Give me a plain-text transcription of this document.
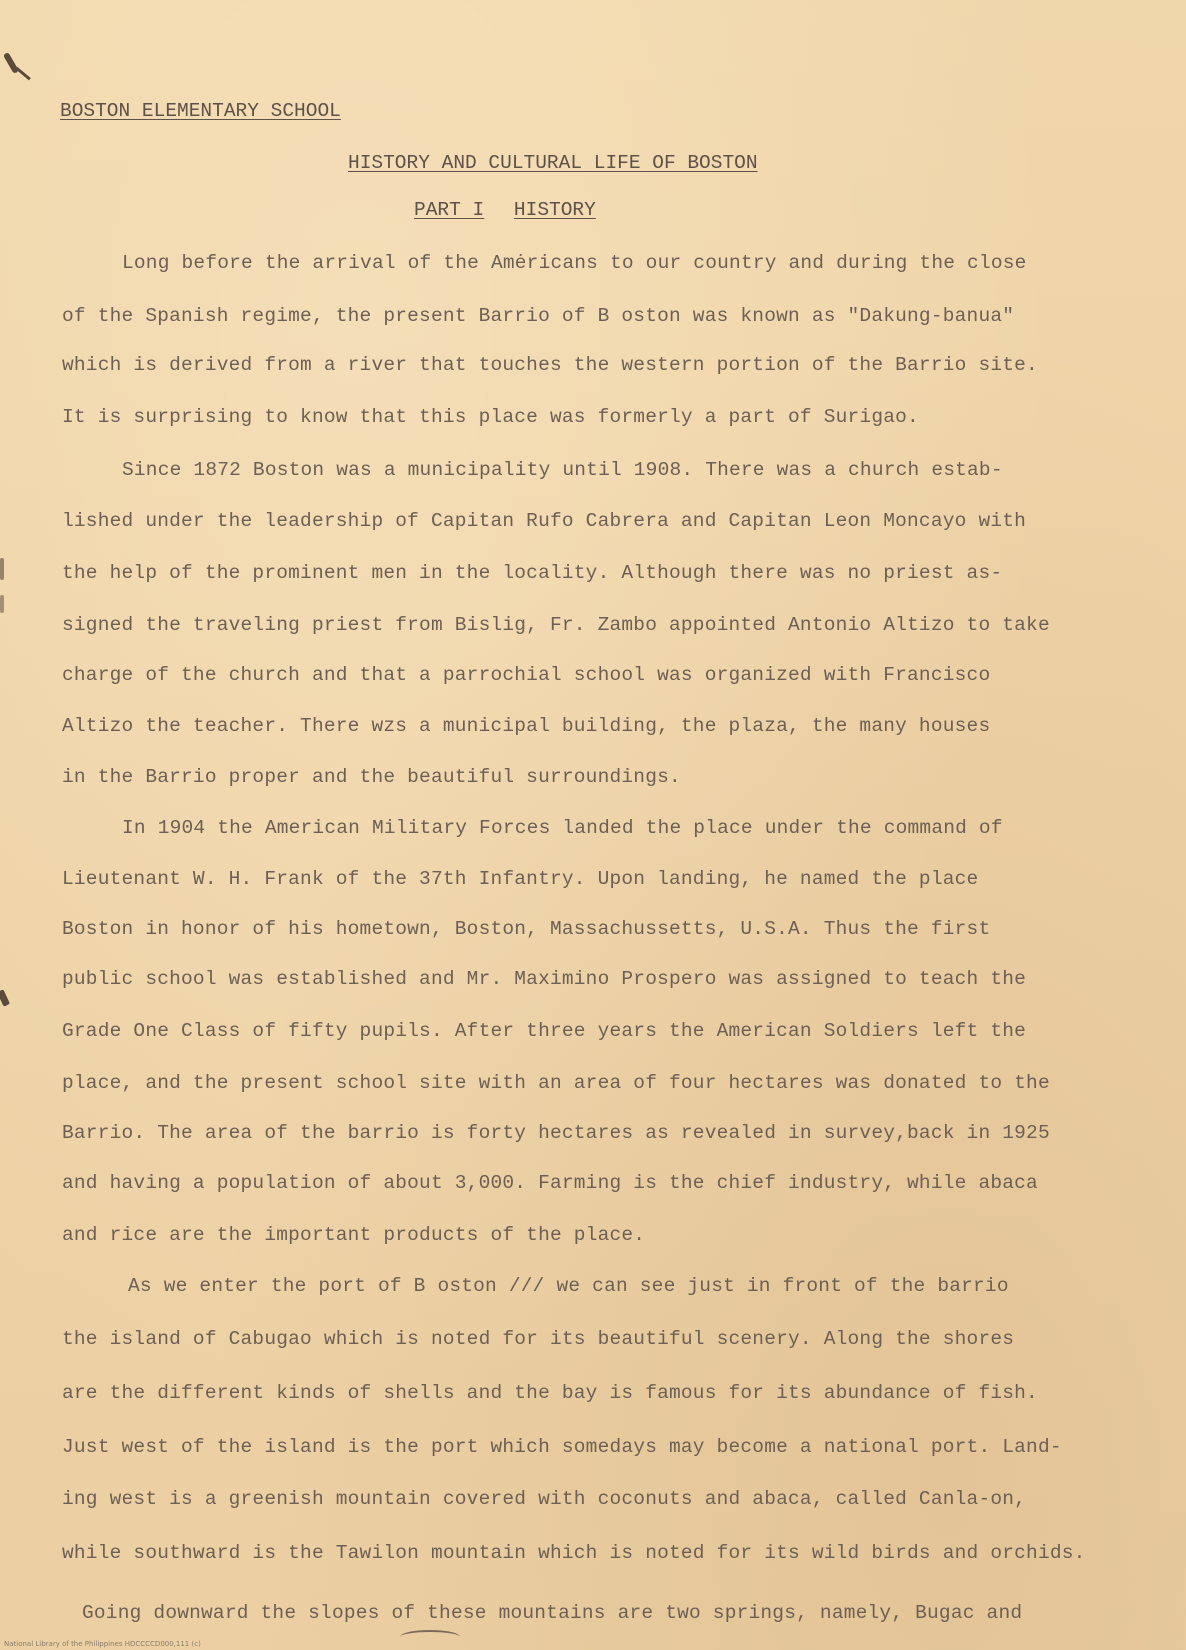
BOSTON ELEMENTARY SCHOOL
HISTORY AND CULTURAL LIFE OF BOSTON
PART I HISTORY
Long before the arrival of the Amėricans to our country and during the close
of the Spanish regime, the present Barrio of B oston was known as "Dakung-banua"
which is derived from a river that touches the western portion of the Barrio site.
It is surprising to know that this place was formerly a part of Surigao.
Since 1872 Boston was a municipality until 1908. There was a church estab-
lished under the leadership of Capitan Rufo Cabrera and Capitan Leon Moncayo with
the help of the prominent men in the locality. Although there was no priest as-
signed the traveling priest from Bislig, Fr. Zambo appointed Antonio Altizo to take
charge of the church and that a parrochial school was organized with Francisco
Altizo the teacher. There wzs a municipal building, the plaza, the many houses
in the Barrio proper and the beautiful surroundings.
In 1904 the American Military Forces landed the place under the command of
Lieutenant W. H. Frank of the 37th Infantry. Upon landing, he named the place
Boston in honor of his hometown, Boston, Massachussetts, U.S.A. Thus the first
public school was established and Mr. Maximino Prospero was assigned to teach the
Grade One Class of fifty pupils. After three years the American Soldiers left the
place, and the present school site with an area of four hectares was donated to the
Barrio. The area of the barrio is forty hectares as revealed in survey,back in 1925
and having a population of about 3,000. Farming is the chief industry, while abaca
and rice are the important products of the place.
As we enter the port of B oston /// we can see just in front of the barrio
the island of Cabugao which is noted for its beautiful scenery. Along the shores
are the different kinds of shells and the bay is famous for its abundance of fish.
Just west of the island is the port which somedays may become a national port. Land-
ing west is a greenish mountain covered with coconuts and abaca, called Canla-on,
while southward is the Tawilon mountain which is noted for its wild birds and orchids.
Going downward the slopes of these mountains are two springs, namely, Bugac and
National Library of the Philippines HDCCCCD000,111 (c)
